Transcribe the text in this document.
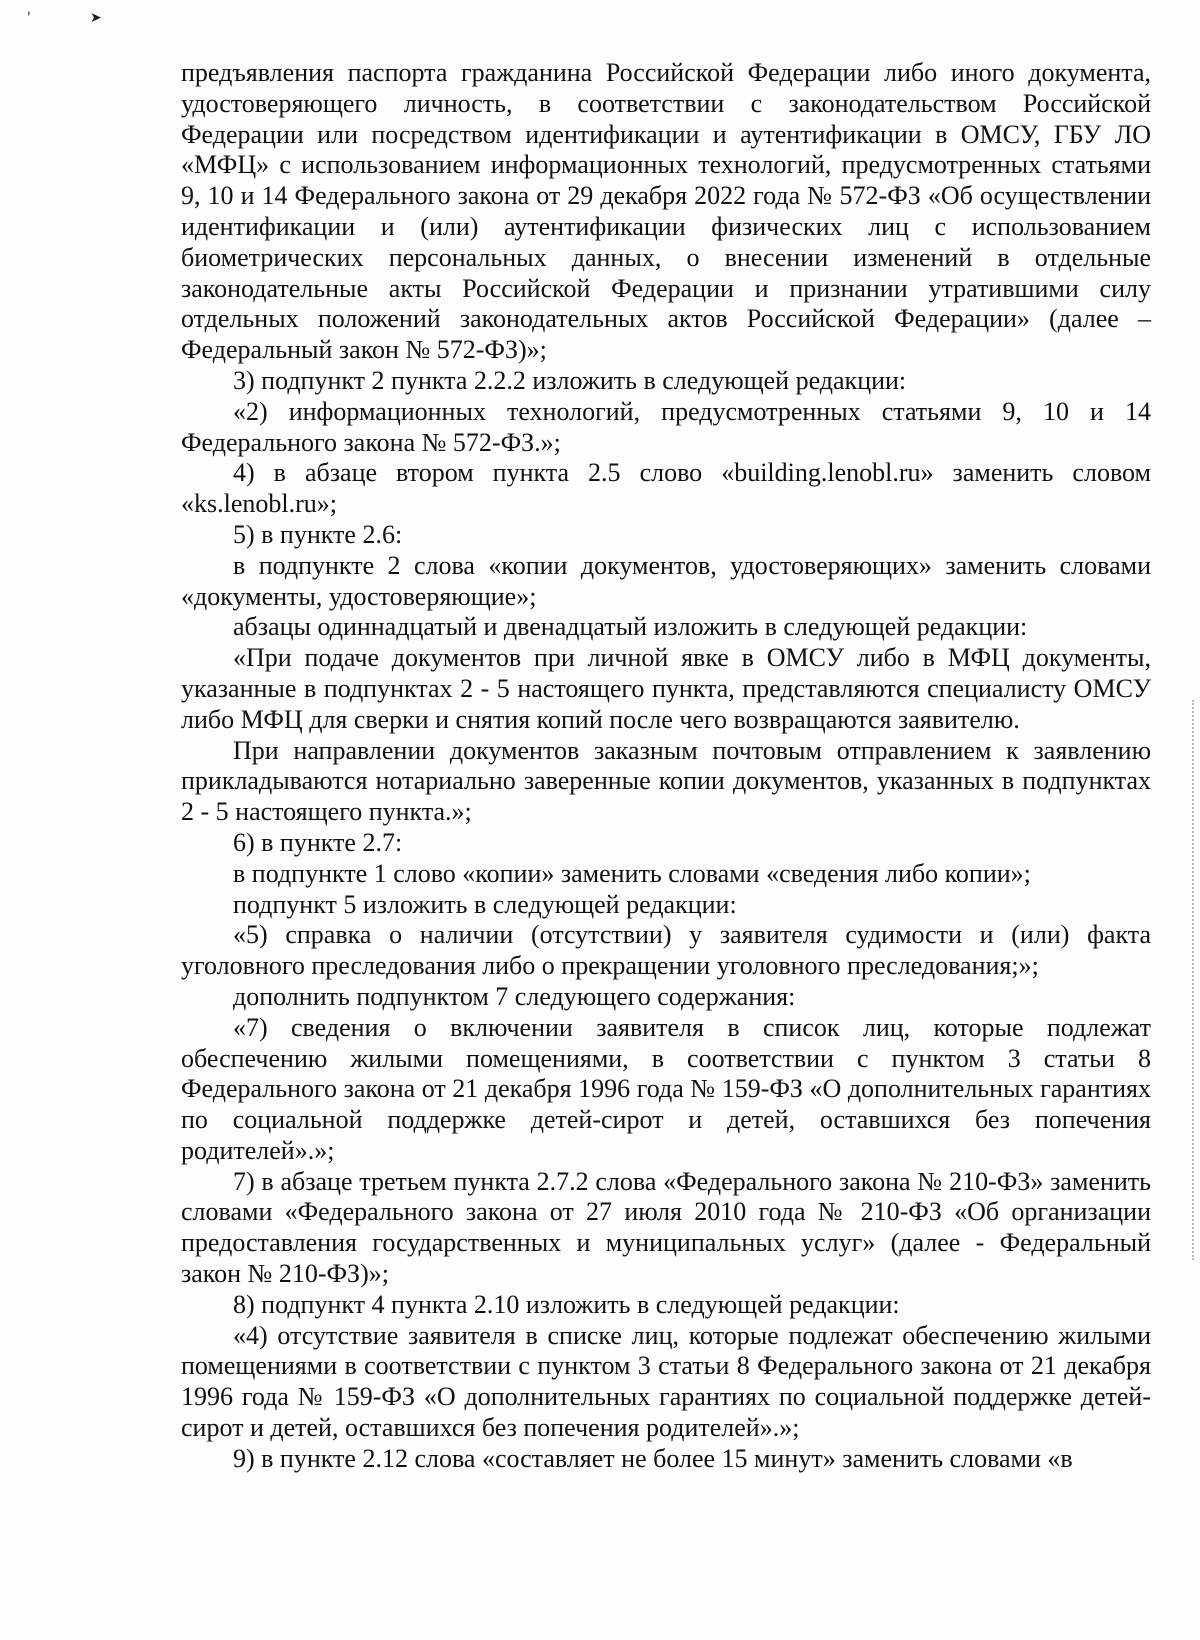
'	➤

предъявления паспорта гражданина Российской Федерации либо иного документа, удостоверяющего личность, в соответствии с законодательством Российской Федерации или посредством идентификации и аутентификации в ОМСУ, ГБУ ЛО «МФЦ» с использованием информационных технологий, предусмотренных статьями 9, 10 и 14 Федерального закона от 29 декабря 2022 года № 572-ФЗ «Об осуществлении идентификации и (или) аутентификации физических лиц с использованием биометрических персональных данных, о внесении изменений в отдельные законодательные акты Российской Федерации и признании утратившими силу отдельных положений законодательных актов Российской Федерации» (далее – Федеральный закон № 572-ФЗ)»;

3) подпункт 2 пункта 2.2.2 изложить в следующей редакции:

«2) информационных технологий, предусмотренных статьями 9, 10 и 14 Федерального закона № 572-ФЗ.»;

4) в абзаце втором пункта 2.5 слово «building.lenobl.ru» заменить словом «ks.lenobl.ru»;

5) в пункте 2.6:

в подпункте 2 слова «копии документов, удостоверяющих» заменить словами «документы, удостоверяющие»;

абзацы одиннадцатый и двенадцатый изложить в следующей редакции:

«При подаче документов при личной явке в ОМСУ либо в МФЦ документы, указанные в подпунктах 2 - 5 настоящего пункта, представляются специалисту ОМСУ либо МФЦ для сверки и снятия копий после чего возвращаются заявителю.

При направлении документов заказным почтовым отправлением к заявлению прикладываются нотариально заверенные копии документов, указанных в подпунктах 2 - 5 настоящего пункта.»;

6) в пункте 2.7:

в подпункте 1 слово «копии» заменить словами «сведения либо копии»;

подпункт 5 изложить в следующей редакции:

«5) справка о наличии (отсутствии) у заявителя судимости и (или) факта уголовного преследования либо о прекращении уголовного преследования;»;

дополнить подпунктом 7 следующего содержания:

«7) сведения о включении заявителя в список лиц, которые подлежат обеспечению жилыми помещениями, в соответствии с пунктом 3 статьи 8 Федерального закона от 21 декабря 1996 года № 159-ФЗ «О дополнительных гарантиях по социальной поддержке детей-сирот и детей, оставшихся без попечения родителей».»;

7) в абзаце третьем пункта 2.7.2 слова «Федерального закона № 210-ФЗ» заменить словами «Федерального закона от 27 июля 2010 года № 210-ФЗ «Об организации предоставления государственных и муниципальных услуг» (далее - Федеральный закон № 210-ФЗ)»;

8) подпункт 4 пункта 2.10 изложить в следующей редакции:

«4) отсутствие заявителя в списке лиц, которые подлежат обеспечению жилыми помещениями в соответствии с пунктом 3 статьи 8 Федерального закона от 21 декабря 1996 года № 159-ФЗ «О дополнительных гарантиях по социальной поддержке детей-сирот и детей, оставшихся без попечения родителей».»;

9) в пункте 2.12 слова «составляет не более 15 минут» заменить словами «в
